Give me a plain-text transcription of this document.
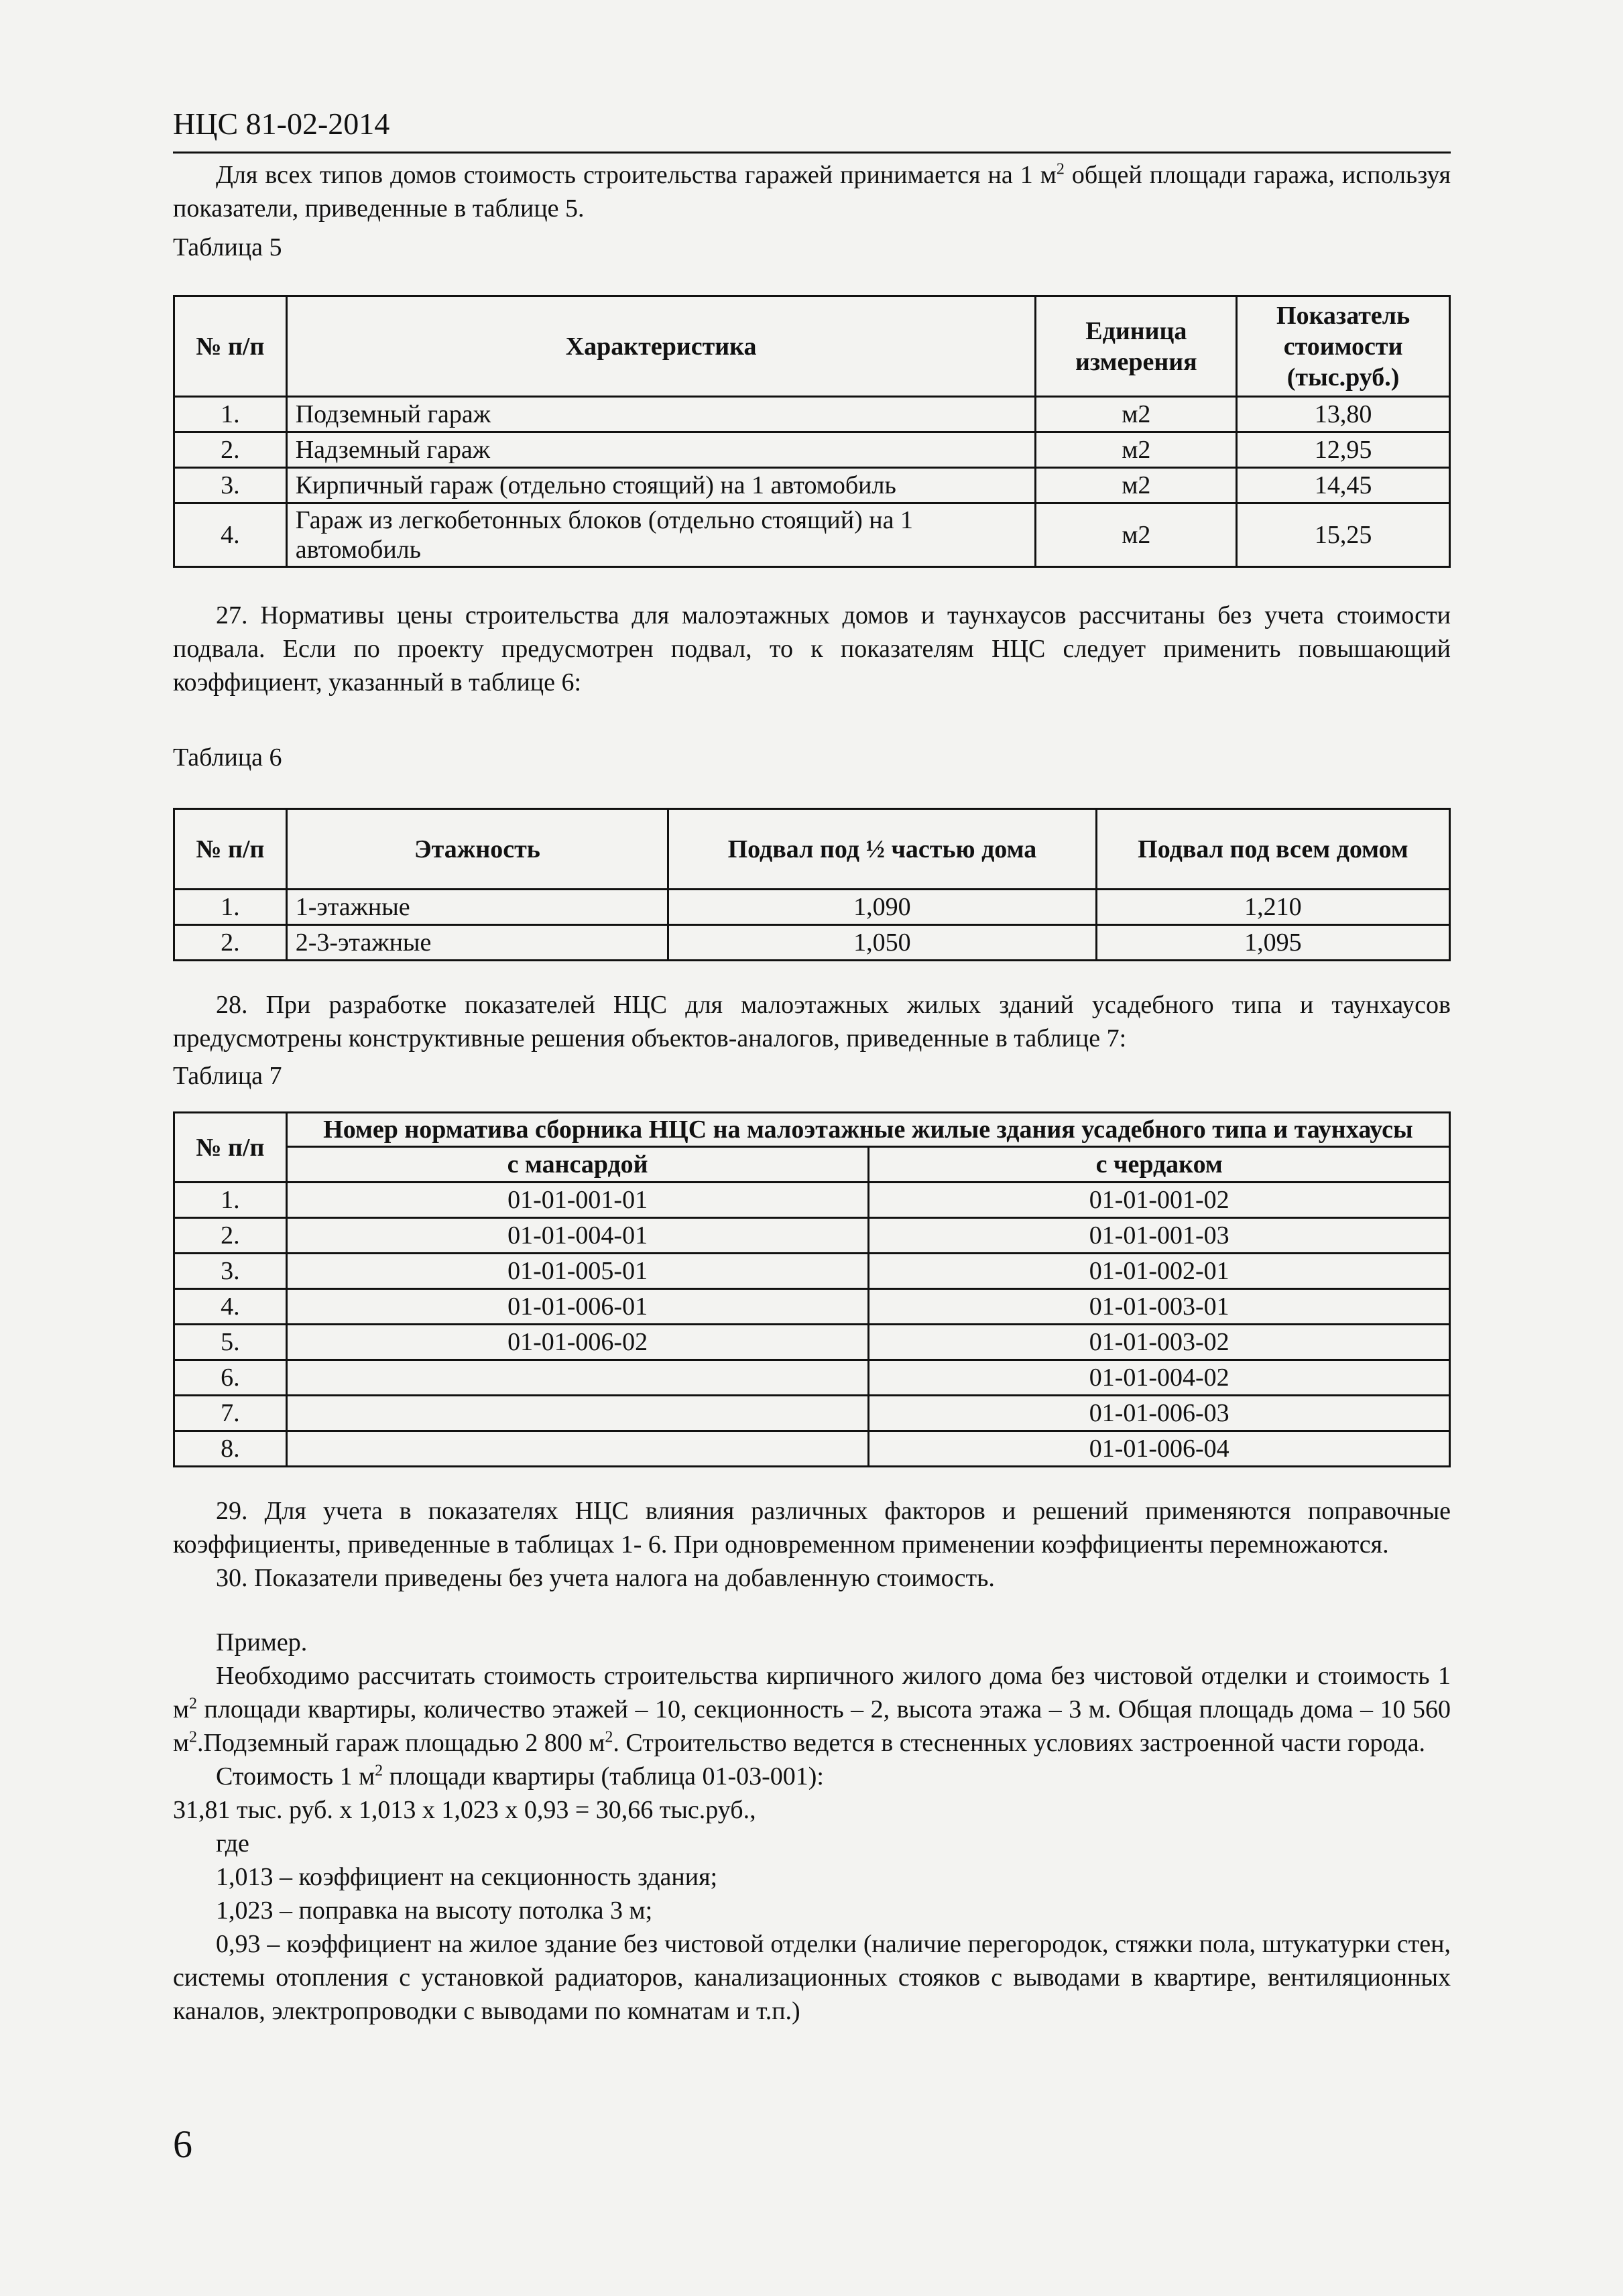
НЦС 81-02-2014

Для всех типов домов стоимость строительства гаражей принимается на 1 $м^2$ общей площади гаража, используя показатели, приведенные в таблице 5.

Таблица 5

№ п/п	Характеристика	Единица измерения	Показатель стоимости (тыс.руб.)
1.	Подземный гараж	м2	13,80
2.	Надземный гараж	м2	12,95
3.	Кирпичный гараж (отдельно стоящий) на 1 автомобиль	м2	14,45
4.	Гараж из легкобетонных блоков (отдельно стоящий) на 1 автомобиль	м2	15,25

27. Нормативы цены строительства для малоэтажных домов и таунхаусов рассчитаны без учета стоимости подвала. Если по проекту предусмотрен подвал, то к показателям НЦС следует применить повышающий коэффициент, указанный в таблице 6:

Таблица 6

№ п/п	Этажность	Подвал под ½ частью дома	Подвал под всем домом
1.	1-этажные	1,090	1,210
2.	2-3-этажные	1,050	1,095

28. При разработке показателей НЦС для малоэтажных жилых зданий усадебного типа и таунхаусов предусмотрены конструктивные решения объектов-аналогов, приведенные в таблице 7:

Таблица 7

№ п/п	Номер норматива сборника НЦС на малоэтажные жилые здания усадебного типа и таунхаусы	
	с мансардой	с чердаком
1.	01-01-001-01	01-01-001-02
2.	01-01-004-01	01-01-001-03
3.	01-01-005-01	01-01-002-01
4.	01-01-006-01	01-01-003-01
5.	01-01-006-02	01-01-003-02
6.		01-01-004-02
7.		01-01-006-03
8.		01-01-006-04

29. Для учета в показателях НЦС влияния различных факторов и решений применяются поправочные коэффициенты, приведенные в таблицах 1- 6. При одновременном применении коэффициенты перемножаются.

30. Показатели приведены без учета налога на добавленную стоимость.

Пример.

Необходимо рассчитать стоимость строительства кирпичного жилого дома без чистовой отделки и стоимость 1 $м^2$ площади квартиры, количество этажей – 10, секционность – 2, высота этажа – 3 м. Общая площадь дома – 10 560 $м^2.Подземный$ гараж площадью 2 800 $м^2$. Строительство ведется в стесненных условиях застроенной части города.

Стоимость 1 $м^2$ площади квартиры (таблица 01-03-001):

31,81 тыс. руб. х 1,013 х 1,023 х 0,93 = 30,66 тыс.руб.,

где

1,013 – коэффициент на секционность здания;

1,023 – поправка на высоту потолка 3 м;

0,93 – коэффициент на жилое здание без чистовой отделки (наличие перегородок, стяжки пола, штукатурки стен, системы отопления с установкой радиаторов, канализационных стояков с выводами в квартире, вентиляционных каналов, электропроводки с выводами по комнатам и т.п.)

6
